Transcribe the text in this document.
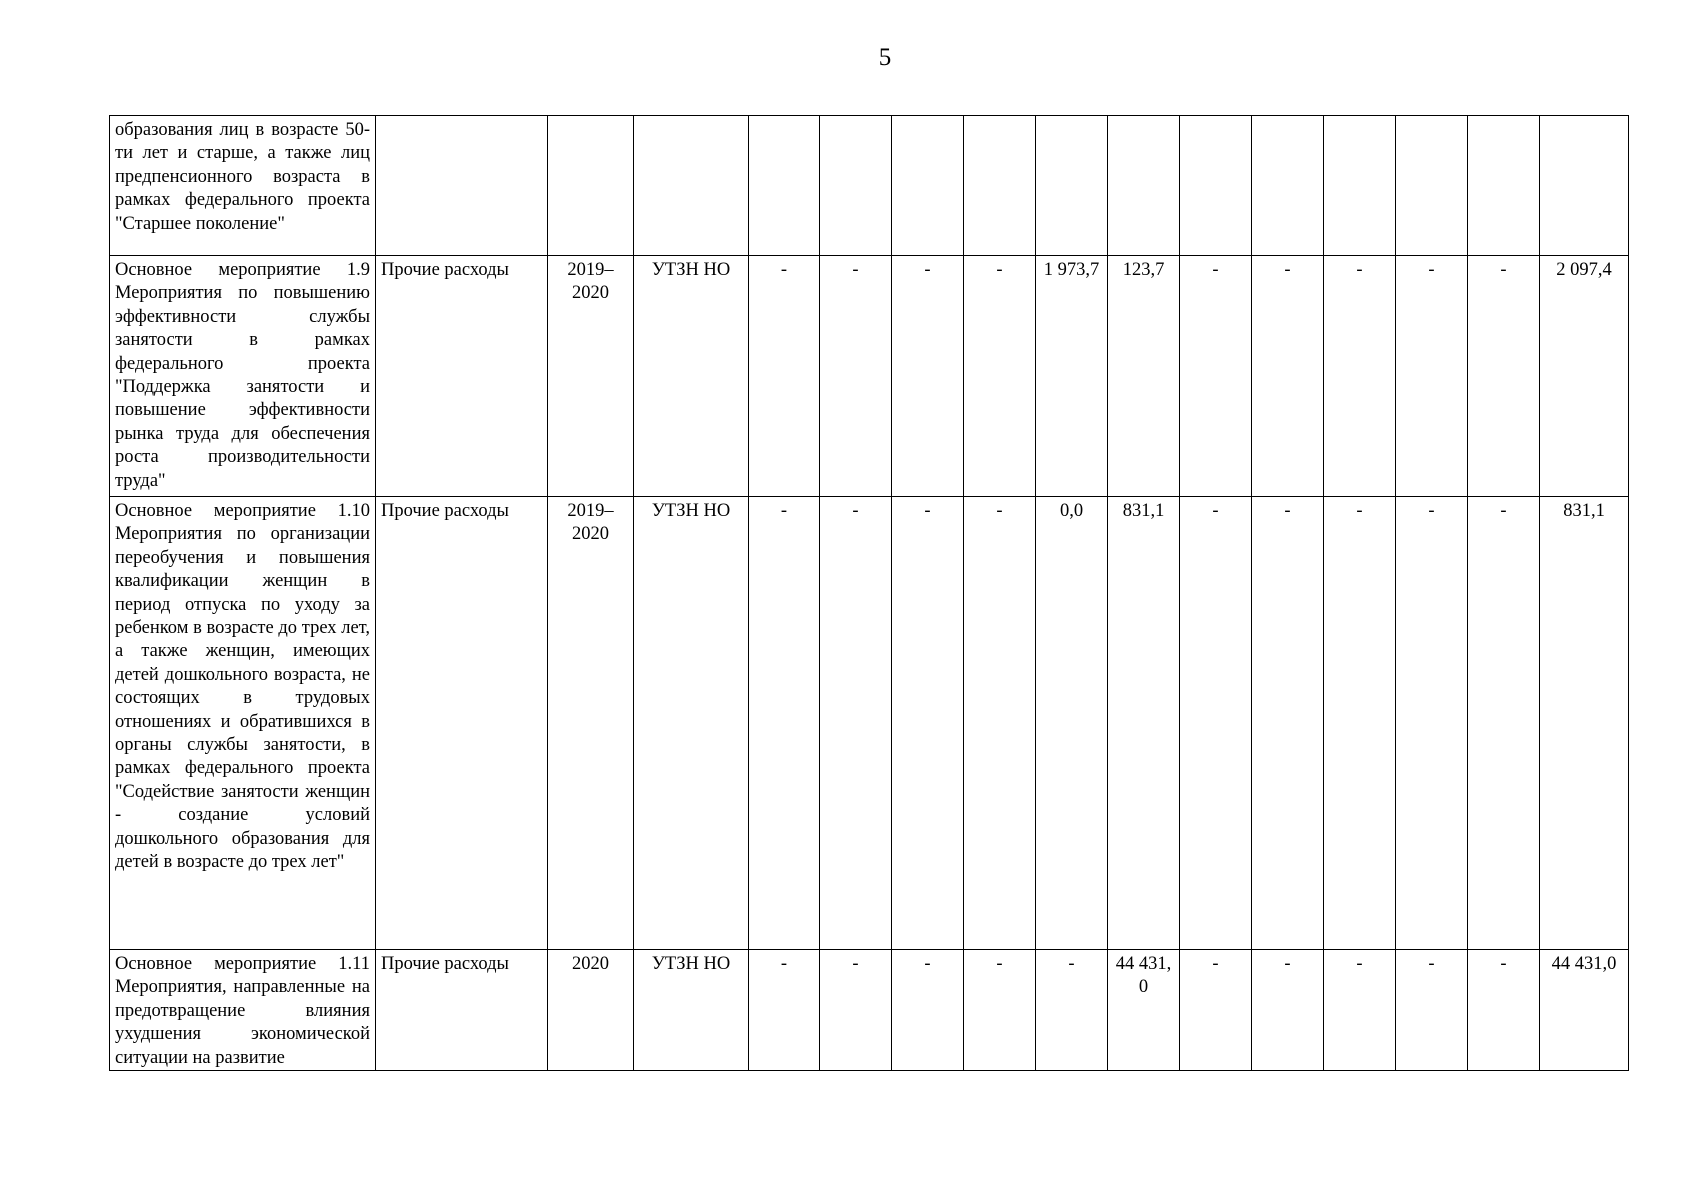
5
образования лиц в возрасте 50-ти лет и старше, а также лиц предпенсионного возраста в рамках федерального проекта "Старшее поколение"															
Основное мероприятие 1.9 Мероприятия по повышению эффективности службы занятости в рамках федерального проекта "Поддержка занятости и повышение эффективности рынка труда для обеспечения роста производительности труда"	Прочие расходы	2019– 2020	УТЗН НО	-	-	-	-	1 973,7	123,7	-	-	-	-	-	2 097,4
Основное мероприятие 1.10 Мероприятия по организации переобучения и повышения квалификации женщин в период отпуска по уходу за ребенком в возрасте до трех лет, а также женщин, имеющих детей дошкольного возраста, не состоящих в трудовых отношениях и обратившихся в органы службы занятости, в рамках федерального проекта "Содействие занятости женщин - создание условий дошкольного образования для детей в возрасте до трех лет"	Прочие расходы	2019– 2020	УТЗН НО	-	-	-	-	0,0	831,1	-	-	-	-	-	831,1
Основное мероприятие 1.11 Мероприятия, направленные на предотвращение влияния ухудшения экономической ситуации на развитие	Прочие расходы	2020	УТЗН НО	-	-	-	-	-	44 431,0	-	-	-	-	-	44 431,0
